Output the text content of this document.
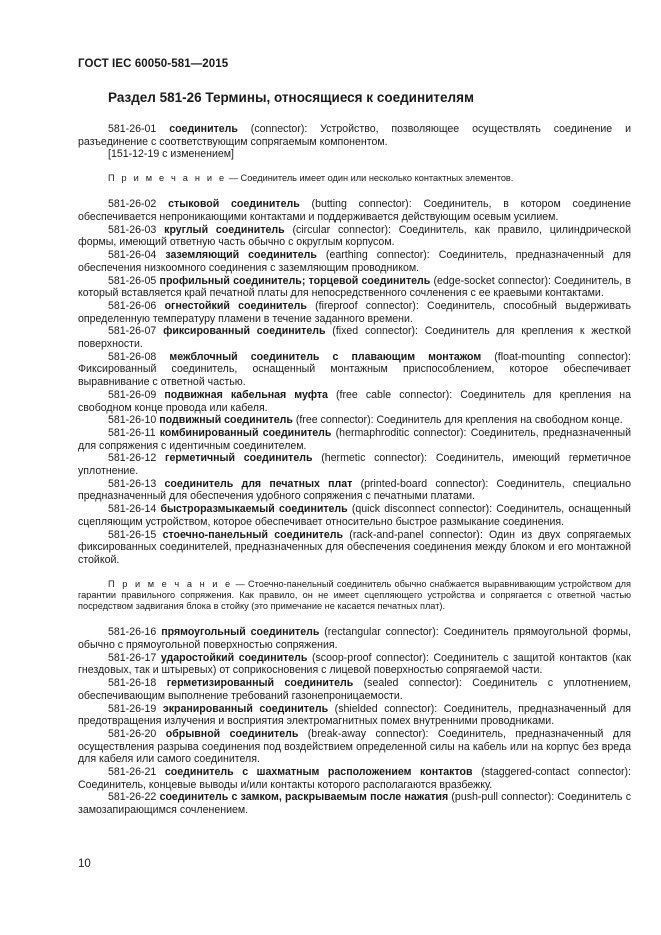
ГОСТ IEC 60050-581—2015
Раздел 581-26 Термины, относящиеся к соединителям

581-26-01 соединитель (connector): Устройство, позволяющее осуществлять соединение и разъединение с соответствующим сопрягаемым компонентом.

[151-12-19 с изменением]

П р и м е ч а н и е — Соединитель имеет один или несколько контактных элементов.

581-26-02 стыковой соединитель (butting connector): Соединитель, в котором соединение обеспечивается непроникающими контактами и поддерживается действующим осевым усилием.

581-26-03 круглый соединитель (circular connector): Соединитель, как правило, цилиндрической формы, имеющий ответную часть обычно с округлым корпусом.

581-26-04 заземляющий соединитель (earthing connector): Соединитель, предназначенный для обеспечения низкоомного соединения с заземляющим проводником.

581-26-05 профильный соединитель; торцевой соединитель (edge-socket connector): Соединитель, в который вставляется край печатной платы для непосредственного сочленения с ее краевыми контактами.

581-26-06 огнестойкий соединитель (fireproof connector): Соединитель, способный выдерживать определенную температуру пламени в течение заданного времени.

581-26-07 фиксированный соединитель (fixed connector): Соединитель для крепления к жесткой поверхности.

581-26-08 межблочный соединитель с плавающим монтажом (float-mounting connector): Фиксированный соединитель, оснащенный монтажным приспособлением, которое обеспечивает выравнивание с ответной частью.

581-26-09 подвижная кабельная муфта (free cable connector): Соединитель для крепления на свободном конце провода или кабеля.

581-26-10 подвижный соединитель (free connector): Соединитель для крепления на свободном конце.

581-26-11 комбинированный соединитель (hermaphroditic connector): Соединитель, предназначенный для сопряжения с идентичным соединителем.

581-26-12 герметичный соединитель (hermetic connector): Соединитель, имеющий герметичное уплотнение.

581-26-13 соединитель для печатных плат (printed-board connector): Соединитель, специально предназначенный для обеспечения удобного сопряжения с печатными платами.

581-26-14 быстроразмыкаемый соединитель (quick disconnect connector): Соединитель, оснащенный сцепляющим устройством, которое обеспечивает относительно быстрое размыкание соединения.

581-26-15 стоечно-панельный соединитель (rack-and-panel connector): Один из двух сопрягаемых фиксированных соединителей, предназначенных для обеспечения соединения между блоком и его монтажной стойкой.

П р и м е ч а н и е — Стоечно-панельный соединитель обычно снабжается выравнивающим устройством для гарантии правильного сопряжения. Как правило, он не имеет сцепляющего устройства и сопрягается с ответной частью посредством задвигания блока в стойку (это примечание не касается печатных плат).

581-26-16 прямоугольный соединитель (rectangular connector): Соединитель прямоугольной формы, обычно с прямоугольной поверхностью сопряжения.

581-26-17 ударостойкий соединитель (scoop-proof connector): Соединитель с защитой контактов (как гнездовых, так и штыревых) от соприкосновения с лицевой поверхностью сопрягаемой части.

581-26-18 герметизированный соединитель (sealed connector): Соединитель с уплотнением, обеспечивающим выполнение требований газонепроницаемости.

581-26-19 экранированный соединитель (shielded connector): Соединитель, предназначенный для предотвращения излучения и восприятия электромагнитных помех внутренними проводниками.

581-26-20 обрывной соединитель (break-away connector): Соединитель, предназначенный для осуществления разрыва соединения под воздействием определенной силы на кабель или на корпус без вреда для кабеля или самого соединителя.

581-26-21 соединитель с шахматным расположением контактов (staggered-contact connector): Соединитель, концевые выводы и/или контакты которого располагаются вразбежку.

581-26-22 соединитель с замком, раскрываемым после нажатия (push-pull connector): Соединитель с замозапирающимся сочленением.

10
